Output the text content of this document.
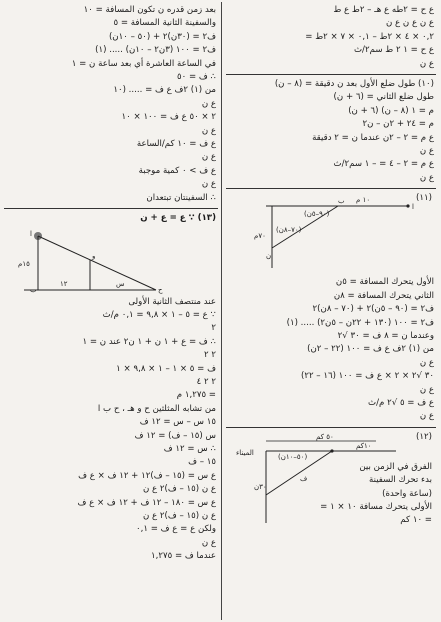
ع ح = ٢طه ع هـ – ٢ط ع ط
ع ن ع ن ع ن
٠,٢ × ٤ × ٢ط – ٠,١ × ٧ × ٢ط =
ع ح = ١ ٢ ط سم٢/ث
ع ن
(١٠) طول ضلع الأول بعد ن دقيقة = (٨ – ن)
طول ضلع الثاني = (٦ + ن)
م = ١ (٨ – ن) (٦ + ن)
م = ٢٤ + ٢ن – ن٢
ع م = ٢ – ٢ن عندما ن = ٢ دقيقة
ع ن
ع م = ٢ – ٤ = – ١ سم٢/ث
ع ن
ا
١٠ م
(٩٠–٥ن)
(٧٠–٨ن)
٧٠م
ب
ن
(١١)
الأول يتحرك المسافة = ٥ن
الثاني يتحرك المسافة = ٨ن
ف٢ = (٩٠ – ٥ن)٢ + (٧٠ – ٨ن)٢
ف٢ = ١٠٠ (١٣٠ + ٢٢ن – ٥ن٢) ..... (١)
وعندما ن = ٨ ف = ٣٠ √٢
من (١) ٢ف ع ف = ١٠٠ (٢٢ – ٢ن)
ع ن
٣٠ √٢ × ٢ × ع ف = ١٠٠ (١٦ – ٢٢)
ع ن
ع ف = ٥ √٢ م/ث
ع ن
٥٠ كم
(٥٠–١٠ن)
١٠كم
الميناء
٣٠ن
ف
(١٢)
الفرق في الزمن بين
بدء تحرك السفينة
(ساعة واحدة)
الأولى يتحرك مسافة ١٠ × ١ =
= ١٠ كم
بعد زمن قدره ن تكون المسافة = ١٠
والسفينة الثانية المسافة = ٥
ف٢ = (٣٠ن)٢ + (٥٠ – ١٠ن)
ف٢ = ١٠٠ (٣ن٢ – ١٠ن) ..... (١)
في الساعة العاشرة أي بعد ساعة ن = ١
∴ ف = ٥٠
من (١) ٢ف ع ف = ..... (١٠
ع ن
٢ × ٥٠ ع ف = ١٠٠ × ١٠
ع ن
ع ف = ١٠ كم/الساعة
ع ن
ع ف > ٠ كمية موجبة
ع ن
∴ السفينتان تبتعدان
(١٣) ∵ ع = ع + ن
ا
ب	ح
و
س
١٥م
١٢
عند منتصف الثانية الأولى
∵ ع = ٥ – ١ × ٩,٨ = ٠,١ م/ث
٢
∴ ف = ع + ١ ن + ١ ن٢ عند ن = ١
٢ ٢
ف = ٥ × ١ – ١ × ٩,٨ × ١
٢ ٢ ٤
= ١,٢٧٥ م
من تشابه المثلثين ح و هـ ، ح ب ا
١٥ س – س = ١٢ ف
س (١٥ – ف) = ١٢ ف
∴ س = ١٢ ف
١٥ – ف
ع س = (١٥ – ف)١٢ + ١٢ ف × ع ف
ع ن (١٥ – ف)٢ ع ن
ع س = ١٨٠ – ١٢ ف + ١٢ ف × ع ف
ع ن (١٥ – ف)٢ ع ن
ولكن ع = ع ف = ٠,١
ع ن
عندما ف = ١,٢٧٥
